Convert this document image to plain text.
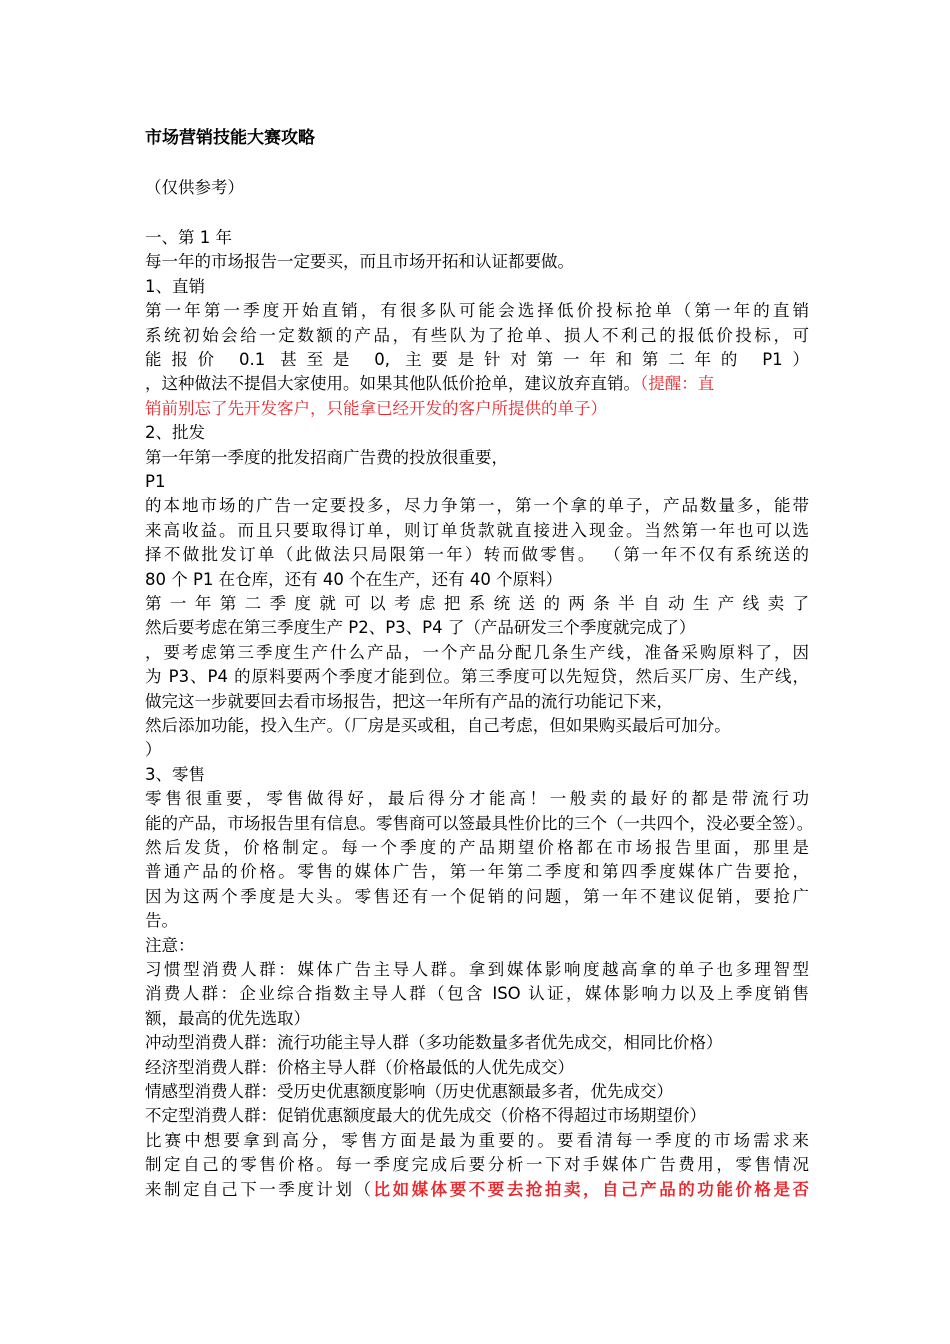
市场营销技能大赛攻略
（仅供参考）
一、第 1 年
每一年的市场报告一定要买，而且市场开拓和认证都要做。
1、直销
第一年第一季度开始直销，有很多队可能会选择低价投标抢单（第一年的直销
系统初始会给一定数额的产品，有些队为了抢单、损人不利己的报低价投标，可
能报价 0.1 甚至是 0, 主要是针对第一年和第二年的 P1）
，这种做法不提倡大家使用。如果其他队低价抢单，建议放弃直销。（提醒：直
销前别忘了先开发客户，只能拿已经开发的客户所提供的单子）
2、批发
第一年第一季度的批发招商广告费的投放很重要，
P1
的本地市场的广告一定要投多，尽力争第一，第一个拿的单子，产品数量多，能带
来高收益。而且只要取得订单，则订单货款就直接进入现金。当然第一年也可以选
择不做批发订单（此做法只局限第一年）转而做零售。 （第一年不仅有系统送的
80 个 P1 在仓库，还有 40 个在生产，还有 40 个原料）
第一年第二季度就可以考虑把系统送的两条半自动生产线卖了
然后要考虑在第三季度生产 P2、P3、P4 了（产品研发三个季度就完成了）
，要考虑第三季度生产什么产品，一个产品分配几条生产线，准备采购原料了，因
为 P3、P4 的原料要两个季度才能到位。第三季度可以先短贷，然后买厂房、生产线，
做完这一步就要回去看市场报告，把这一年所有产品的流行功能记下来，
然后添加功能，投入生产。（厂房是买或租，自己考虑，但如果购买最后可加分。
）
3、零售
零售很重要，零售做得好，最后得分才能高！一般卖的最好的都是带流行功
能的产品，市场报告里有信息。零售商可以签最具性价比的三个（一共四个，没必要全签）。
然后发货，价格制定。每一个季度的产品期望价格都在市场报告里面，那里是
普通产品的价格。零售的媒体广告，第一年第二季度和第四季度媒体广告要抢，
因为这两个季度是大头。零售还有一个促销的问题，第一年不建议促销，要抢广
告。
注意：
习惯型消费人群：媒体广告主导人群。拿到媒体影响度越高拿的单子也多理智型
消费人群：企业综合指数主导人群（包含 ISO 认证，媒体影响力以及上季度销售
额，最高的优先选取）
冲动型消费人群：流行功能主导人群（多功能数量多者优先成交，相同比价格）
经济型消费人群：价格主导人群（价格最低的人优先成交）
情感型消费人群：受历史优惠额度影响（历史优惠额最多者，优先成交）
不定型消费人群：促销优惠额度最大的优先成交（价格不得超过市场期望价）
比赛中想要拿到高分，零售方面是最为重要的。要看清每一季度的市场需求来
制定自己的零售价格。每一季度完成后要分析一下对手媒体广告费用，零售情况
来制定自己下一季度计划（比如媒体要不要去抢拍卖，自己产品的功能价格是否
